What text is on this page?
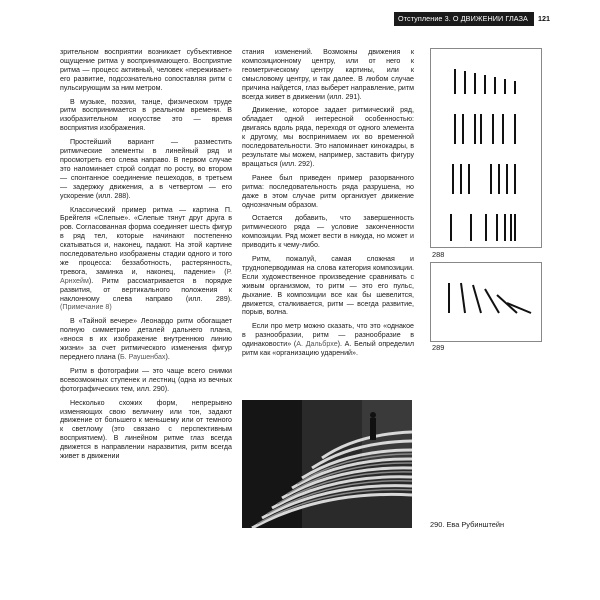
Отступление 3. О ДВИЖЕНИИ ГЛАЗА 121

зрительном восприятии возникает субъективное ощущение ритма у воспринимающего. Восприятие ритма — процесс активный, человек «переживает» его развитие, подсознательно сопоставляя ритм с пульсирующим за ним метром.

В музыке, поэзии, танце, физическом труде ритм воспринимается в реальном времени. В изобразительном искусстве это — время восприятия изображения.

Простейший вариант — разместить ритмические элементы в линейный ряд и просмотреть его слева направо. В первом случае это напоминает строй солдат по росту, во втором — спонтанное соединение пешеходов, в третьем — задержку движения, а в четвертом — его ускорение (илл. 288).

Классический пример ритма — картина П. Брейгеля «Слепые». «Слепые тянут друг друга в ров. Согласованная форма соединяет шесть фигур в ряд тел, которые начинают постепенно скатываться и, наконец, падают. На этой картине последовательно изображены стадии одного и того же процесса: беззаботность, растерянность, тревога, заминка и, наконец, падение» (Р. Арнхейм). Ритм рассматривается в порядке развития, от вертикального положения к наклонному слева направо (илл. 289). (Примечание 8)

В «Тайной вечере» Леонардо ритм обогащает полную симметрию деталей дальнего плана, «внося в их изображение внутреннюю линию жизни» за счет ритмического изменения фигур переднего плана (Б. Раушенбах).

Ритм в фотографии — это чаще всего снимки всевозможных ступенек и лестниц (одна из вечных фотографических тем, илл. 290).

Несколько схожих форм, непрерывно изменяющих свою величину или тон, задают движение от большего к меньшему или от темного к светлому (это связано с перспективным восприятием). В линейном ритме глаз всегда движется в направлении наразвития, ритм всегда живет в движении

стания изменений. Возможны движения к композиционному центру, или от него к геометрическому центру картины, или к смысловому центру, и так далее. В любом случае причина найдется, глаз выберет направление, ритм всегда живет в движении (илл. 291).

Движение, которое задает ритмический ряд, обладает одной интересной особенностью: двигаясь вдоль ряда, переходя от одного элемента к другому, мы воспринимаем их во временной последовательности. Это напоминает кинокадры, в результате мы можем, например, заставить фигуру вращаться (илл. 292).

Ранее был приведен пример разорванного ритма: последовательность ряда разрушена, но даже в этом случае ритм организует движение однозначным образом.

Остается добавить, что завершенность ритмического ряда — условие законченности композиции. Ряд может вести в никуда, но может и приводить к чему-либо.

Ритм, пожалуй, самая сложная и трудноперводимая на слова категория композиции. Если художественное произведение сравнивать с живым организмом, то ритм — это его пульс, дыхание. В композиции все как бы шевелится, движется, сталкивается, ритм — всегда развитие, порыв, волна.

Если про метр можно сказать, что это «однакое в разнообразии, ритм — разнообразие в одинаковости» (А. Дальбрхе). А. Белый определил ритм как «организацию ударений».

288
289
290. Ева Рубинштейн
